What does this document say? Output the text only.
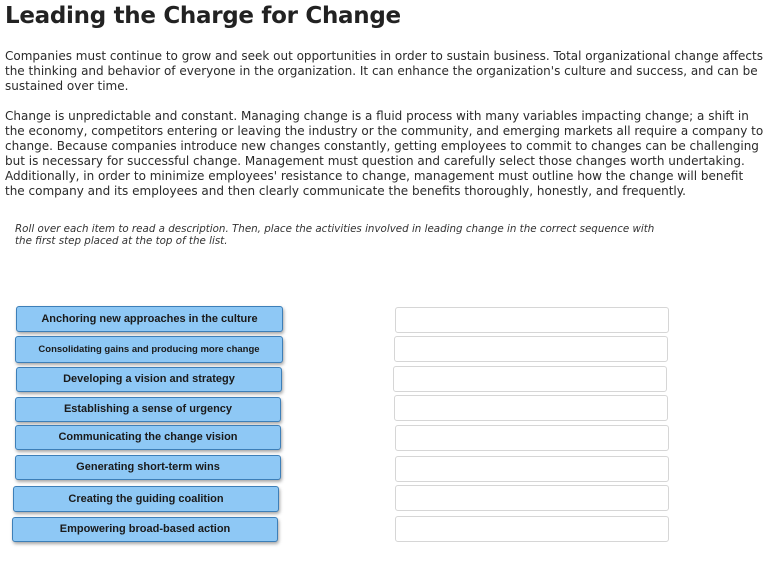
Leading the Charge for Change

Companies must continue to grow and seek out opportunities in order to sustain business. Total organizational change affects the thinking and behavior of everyone in the organization. It can enhance the organization's culture and success, and can be sustained over time.

Change is unpredictable and constant. Managing change is a fluid process with many variables impacting change; a shift in the economy, competitors entering or leaving the industry or the community, and emerging markets all require a company to change. Because companies introduce new changes constantly, getting employees to commit to changes can be challenging but is necessary for successful change. Management must question and carefully select those changes worth undertaking. Additionally, in order to minimize employees' resistance to change, management must outline how the change will benefit the company and its employees and then clearly communicate the benefits thoroughly, honestly, and frequently.

Roll over each item to read a description. Then, place the activities involved in leading change in the correct sequence with the first step placed at the top of the list.

Anchoring new approaches in the culture
Consolidating gains and producing more change
Developing a vision and strategy
Establishing a sense of urgency
Communicating the change vision
Generating short-term wins
Creating the guiding coalition
Empowering broad-based action
